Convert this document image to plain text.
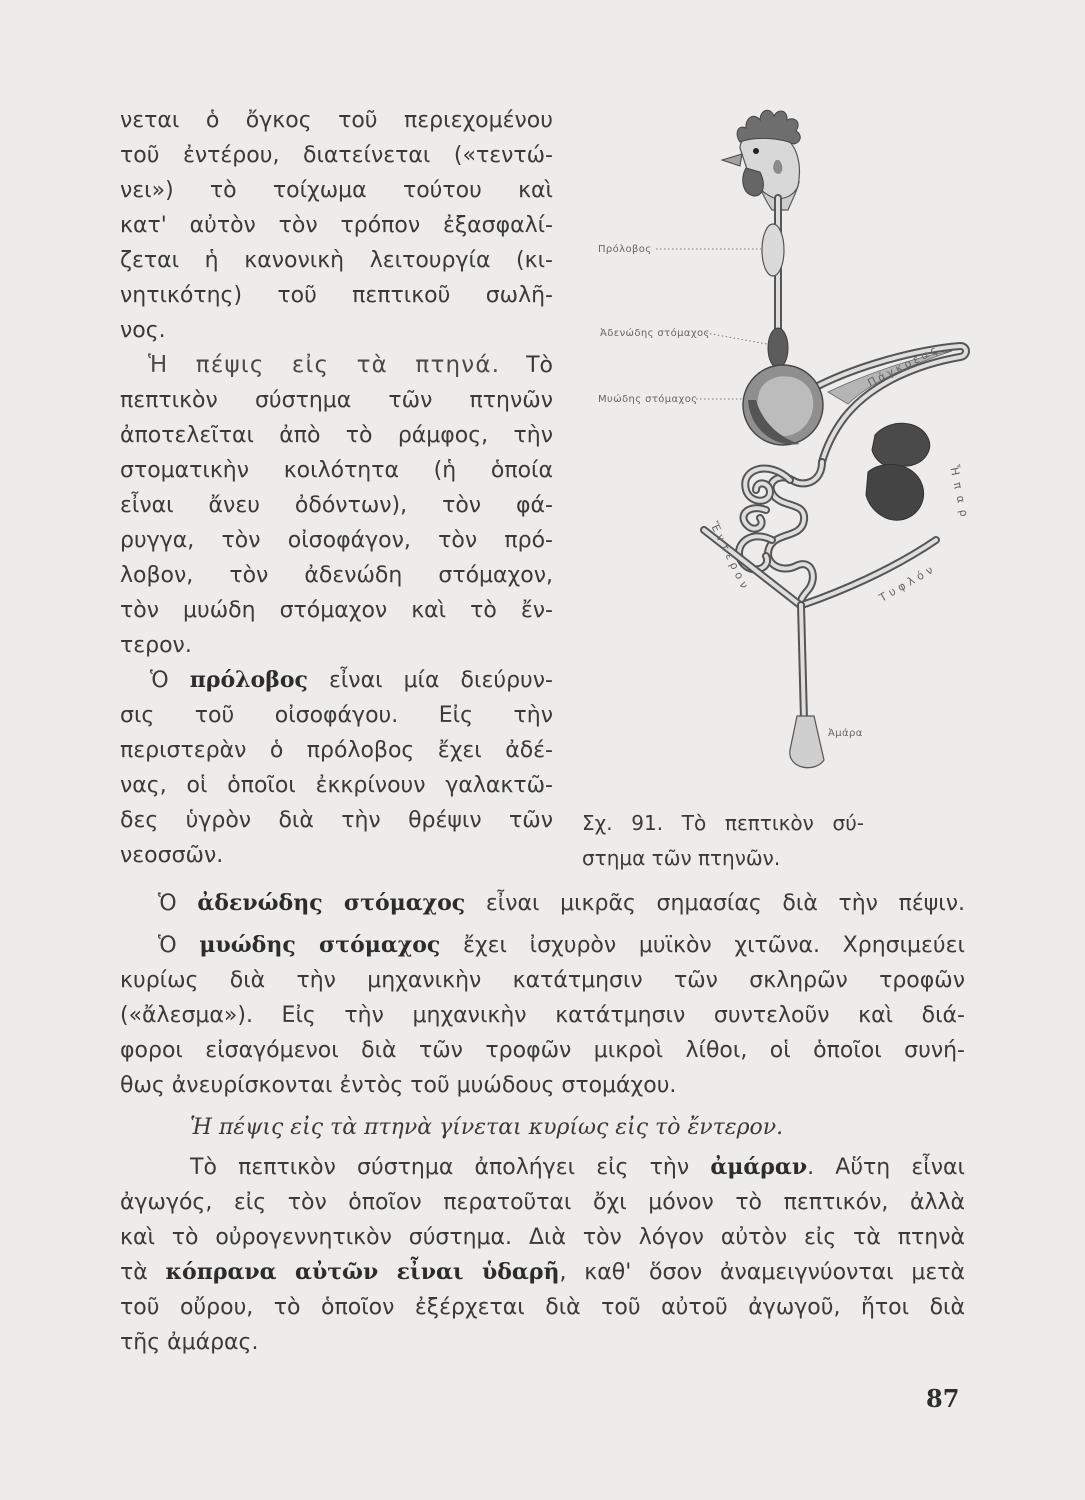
νεται ὁ ὄγκος τοῦ περιεχομένου
τοῦ ἐντέρου, διατείνεται («τεντώ-
νει») τὸ τοίχωμα τούτου καὶ
κατ' αὐτὸν τὸν τρόπον ἐξασφαλί-
ζεται ἡ κανονικὴ λειτουργία (κι-
νητικότης) τοῦ πεπτικοῦ σωλῆ-
νος.
Ἡ πέψις εἰς τὰ πτηνά. Τὸ
πεπτικὸν σύστημα τῶν πτηνῶν
ἀποτελεῖται ἀπὸ τὸ ράμφος, τὴν
στοματικὴν κοιλότητα (ἡ ὁποία
εἶναι ἄνευ ὀδόντων), τὸν φά-
ρυγγα, τὸν οἰσοφάγον, τὸν πρό-
λοβον, τὸν ἀδενώδη στόμαχον,
τὸν μυώδη στόμαχον καὶ τὸ ἔν-
τερον.
Ὁ πρόλοβος εἶναι μία διεύρυν-
σις τοῦ οἰσοφάγου. Εἰς τὴν
περιστερὰν ὁ πρόλοβος ἔχει ἀδέ-
νας, οἱ ὁποῖοι ἐκκρίνουν γαλακτῶ-
δες ὑγρὸν διὰ τὴν θρέψιν τῶν
νεοσσῶν.
Πρόλοβος
Ἀδενώδης στόμαχος
Μυώδης στόμαχος
Πάγκρεας
Ἧπαρ
Ἔντερον	Τυφλόν
Ἀμάρα
Σχ. 91. Τὸ πεπτικὸν σύ-
στημα τῶν πτηνῶν.
Ὁ ἀδενώδης στόμαχος εἶναι μικρᾶς σημασίας διὰ τὴν πέψιν.
Ὁ μυώδης στόμαχος ἔχει ἰσχυρὸν μυϊκὸν χιτῶνα. Χρησιμεύει
κυρίως διὰ τὴν μηχανικὴν κατάτμησιν τῶν σκληρῶν τροφῶν
(«ἄλεσμα»). Εἰς τὴν μηχανικὴν κατάτμησιν συντελοῦν καὶ διά-
φοροι εἰσαγόμενοι διὰ τῶν τροφῶν μικροὶ λίθοι, οἱ ὁποῖοι συνή-
θως ἀνευρίσκονται ἐντὸς τοῦ μυώδους στομάχου.
Ἡ πέψις εἰς τὰ πτηνὰ γίνεται κυρίως εἰς τὸ ἔντερον.
Τὸ πεπτικὸν σύστημα ἀπολήγει εἰς τὴν ἀμάραν. Αὕτη εἶναι
ἀγωγός, εἰς τὸν ὁποῖον περατοῦται ὄχι μόνον τὸ πεπτικόν, ἀλλὰ
καὶ τὸ οὐρογεννητικὸν σύστημα. Διὰ τὸν λόγον αὐτὸν εἰς τὰ πτηνὰ
τὰ κόπρανα αὐτῶν εἶναι ὑδαρῆ, καθ' ὅσον ἀναμειγνύονται μετὰ
τοῦ οὔρου, τὸ ὁποῖον ἐξέρχεται διὰ τοῦ αὐτοῦ ἀγωγοῦ, ἤτοι διὰ
τῆς ἀμάρας.
87
